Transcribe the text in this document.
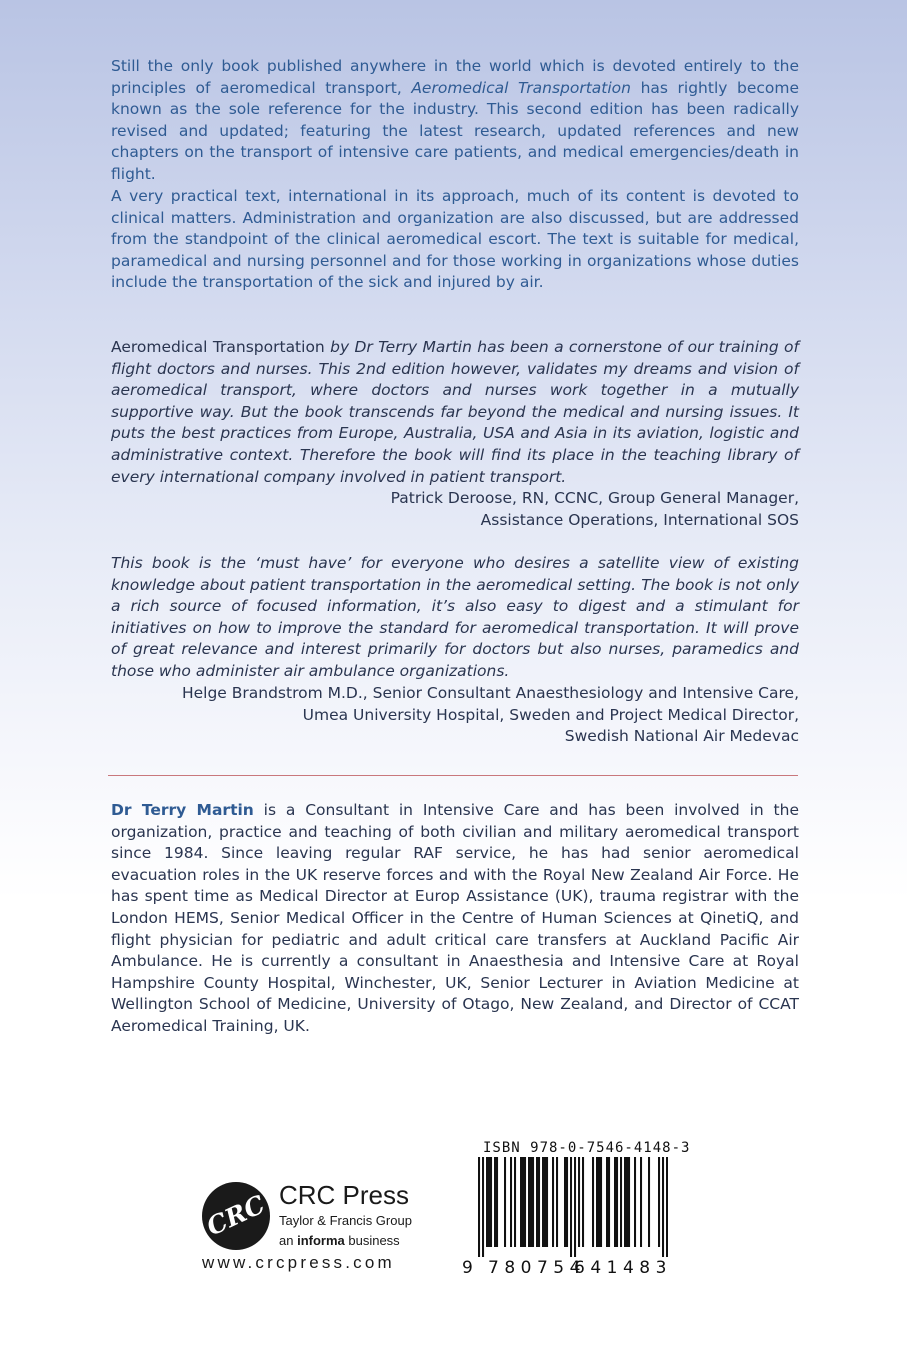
Still the only book published anywhere in the world which is devoted entirely to the principles of aeromedical transport, Aeromedical Transportation has rightly become known as the sole reference for the industry. This second edition has been radically revised and updated; featuring the latest research, updated references and new chapters on the transport of intensive care patients, and medical emergencies/death in flight.

A very practical text, international in its approach, much of its content is devoted to clinical matters. Administration and organization are also discussed, but are addressed from the standpoint of the clinical aeromedical escort. The text is suitable for medical, paramedical and nursing personnel and for those working in organizations whose duties include the transportation of the sick and injured by air.

Aeromedical Transportation by Dr Terry Martin has been a cornerstone of our training of flight doctors and nurses. This 2nd edition however, validates my dreams and vision of aeromedical transport, where doctors and nurses work together in a mutually supportive way. But the book transcends far beyond the medical and nursing issues. It puts the best practices from Europe, Australia, USA and Asia in its aviation, logistic and administrative context. Therefore the book will find its place in the teaching library of every international company involved in patient transport.

Patrick Deroose, RN, CCNC, Group General Manager,
Assistance Operations, International SOS

This book is the ‘must have’ for everyone who desires a satellite view of existing knowledge about patient transportation in the aeromedical setting. The book is not only a rich source of focused information, it’s also easy to digest and a stimulant for initiatives on how to improve the standard for aeromedical transportation. It will prove of great relevance and interest primarily for doctors but also nurses, paramedics and those who administer air ambulance organizations.

Helge Brandstrom M.D., Senior Consultant Anaesthesiology and Intensive Care,
Umea University Hospital, Sweden and Project Medical Director,
Swedish National Air Medevac

Dr Terry Martin is a Consultant in Intensive Care and has been involved in the organization, practice and teaching of both civilian and military aeromedical transport since 1984. Since leaving regular RAF service, he has had senior aeromedical evacuation roles in the UK reserve forces and with the Royal New Zealand Air Force. He has spent time as Medical Director at Europ Assistance (UK), trauma registrar with the London HEMS, Senior Medical Officer in the Centre of Human Sciences at QinetiQ, and flight physician for pediatric and adult critical care transfers at Auckland Pacific Air Ambulance. He is currently a consultant in Anaesthesia and Intensive Care at Royal Hampshire County Hospital, Winchester, UK, Senior Lecturer in Aviation Medicine at Wellington School of Medicine, University of Otago, New Zealand, and Director of CCAT Aeromedical Training, UK.

CRC CRC Press
Taylor & Francis Group
an informa business
www.crcpress.com
ISBN 978-0-7546-4148-3
9 780754
641483
